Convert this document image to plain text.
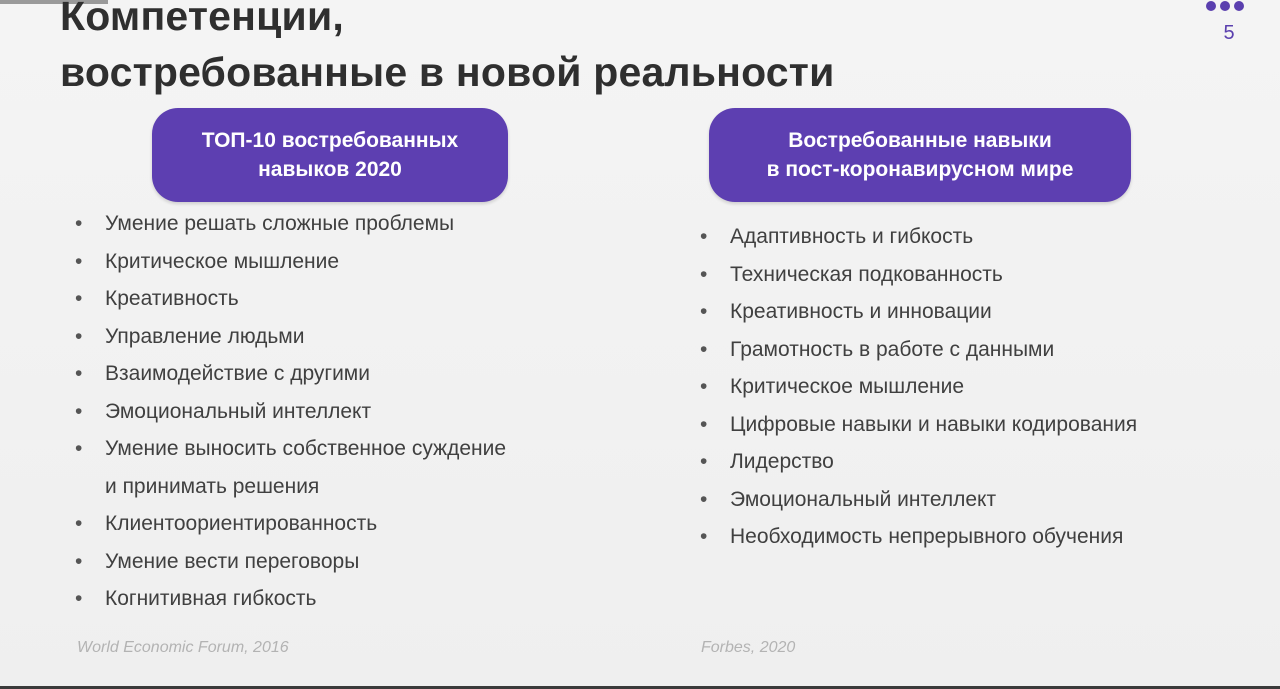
Компетенции,
востребованные в новой реальности
5
ТОП-10 востребованных
навыков 2020
Востребованные навыки
в пост-коронавирусном мире
• Умение решать сложные проблемы
• Критическое мышление
• Креативность
• Управление людьми
• Взаимодействие с другими
• Эмоциональный интеллект
• Умение выносить собственное суждение
и принимать решения
• Клиентоориентированность
• Умение вести переговоры
• Когнитивная гибкость
• Адаптивность и гибкость
• Техническая подкованность
• Креативность и инновации
• Грамотность в работе с данными
• Критическое мышление
• Цифровые навыки и навыки кодирования
• Лидерство
• Эмоциональный интеллект
• Необходимость непрерывного обучения
World Economic Forum, 2016	Forbes, 2020
